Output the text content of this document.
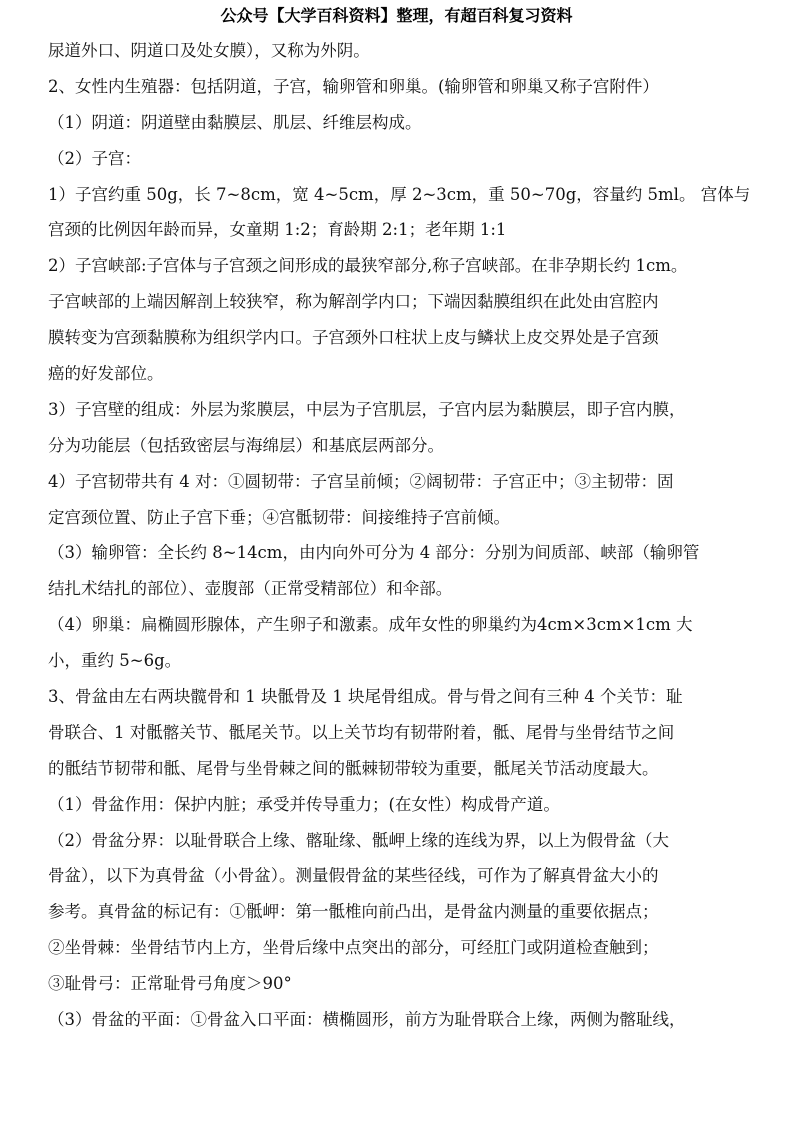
公众号【大学百科资料】整理，有超百科复习资料
尿道外口、阴道口及处女膜），又称为外阴。
2、女性内生殖器：包括阴道，子宫，输卵管和卵巢。(输卵管和卵巢又称子宫附件）
（1）阴道：阴道壁由黏膜层、肌层、纤维层构成。
（2）子宫：
1）子宫约重 50g，长 7~8cm，宽 4~5cm，厚 2~3cm，重 50~70g，容量约 5ml。 宫体与
宫颈的比例因年龄而异，女童期 1:2；育龄期 2:1；老年期 1:1
2）子宫峡部:子宫体与子宫颈之间形成的最狭窄部分,称子宫峡部。在非孕期长约 1cm。
子宫峡部的上端因解剖上较狭窄，称为解剖学内口；下端因黏膜组织在此处由宫腔内
膜转变为宫颈黏膜称为组织学内口。子宫颈外口柱状上皮与鳞状上皮交界处是子宫颈
癌的好发部位。
3）子宫壁的组成：外层为浆膜层，中层为子宫肌层，子宫内层为黏膜层，即子宫内膜，
分为功能层（包括致密层与海绵层）和基底层两部分。
4）子宫韧带共有 4 对：①圆韧带：子宫呈前倾；②阔韧带：子宫正中；③主韧带：固
定宫颈位置、防止子宫下垂；④宫骶韧带：间接维持子宫前倾。
（3）输卵管：全长约 8~14cm，由内向外可分为 4 部分：分别为间质部、峡部（输卵管
结扎术结扎的部位）、壶腹部（正常受精部位）和伞部。
（4）卵巢：扁椭圆形腺体，产生卵子和激素。成年女性的卵巢约为4cm×3cm×1cm 大
小，重约 5~6g。
3、骨盆由左右两块髋骨和 1 块骶骨及 1 块尾骨组成。骨与骨之间有三种 4 个关节：耻
骨联合、1 对骶髂关节、骶尾关节。以上关节均有韧带附着，骶、尾骨与坐骨结节之间
的骶结节韧带和骶、尾骨与坐骨棘之间的骶棘韧带较为重要，骶尾关节活动度最大。
（1）骨盆作用：保护内脏；承受并传导重力；(在女性）构成骨产道。
（2）骨盆分界：以耻骨联合上缘、髂耻缘、骶岬上缘的连线为界，以上为假骨盆（大
骨盆），以下为真骨盆（小骨盆）。测量假骨盆的某些径线，可作为了解真骨盆大小的
参考。真骨盆的标记有：①骶岬：第一骶椎向前凸出，是骨盆内测量的重要依据点；
②坐骨棘：坐骨结节内上方，坐骨后缘中点突出的部分，可经肛门或阴道检查触到；
③耻骨弓：正常耻骨弓角度＞90°
（3）骨盆的平面：①骨盆入口平面：横椭圆形，前方为耻骨联合上缘，两侧为髂耻线，
